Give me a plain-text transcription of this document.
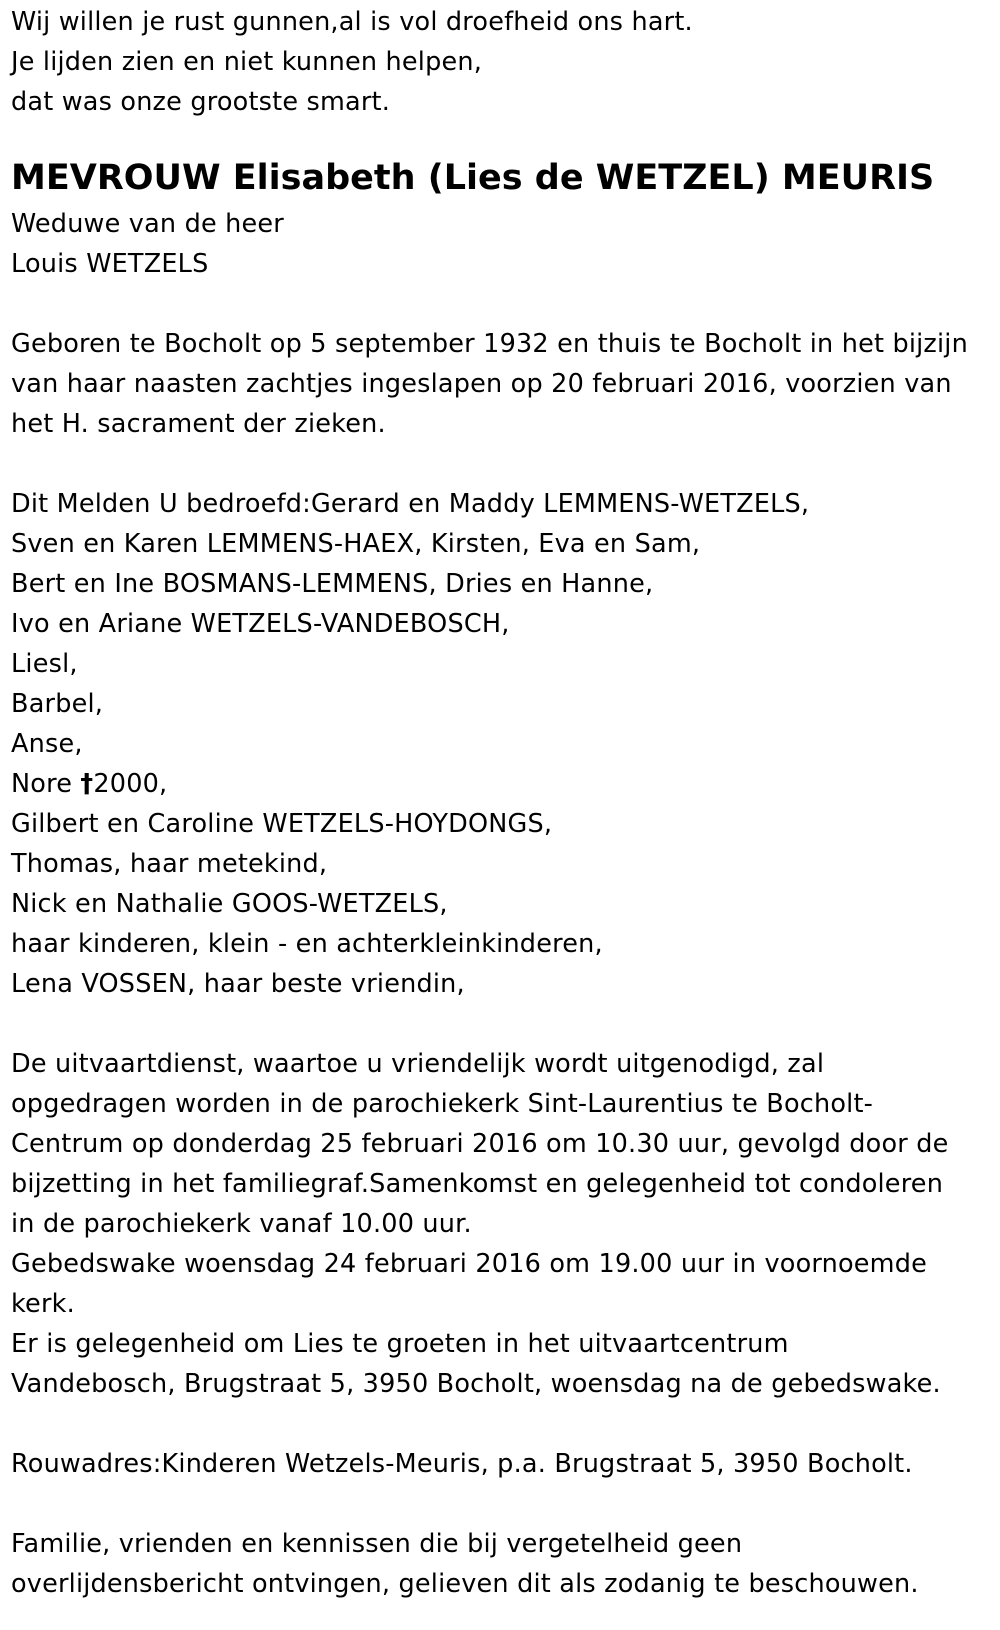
Wij willen je rust gunnen,al is vol droefheid ons hart.
Je lijden zien en niet kunnen helpen,
dat was onze grootste smart.
MEVROUW Elisabeth (Lies de WETZEL) MEURIS
Weduwe van de heer
Louis WETZELS
Geboren te Bocholt op 5 september 1932 en thuis te Bocholt in het bijzijn
van haar naasten zachtjes ingeslapen op 20 februari 2016, voorzien van
het H. sacrament der zieken.
Dit Melden U bedroefd:Gerard en Maddy LEMMENS-WETZELS,
Sven en Karen LEMMENS-HAEX, Kirsten, Eva en Sam,
Bert en Ine BOSMANS-LEMMENS, Dries en Hanne,
Ivo en Ariane WETZELS-VANDEBOSCH,
Liesl,
Barbel,
Anse,
Nore †2000,
Gilbert en Caroline WETZELS-HOYDONGS,
Thomas, haar metekind,
Nick en Nathalie GOOS-WETZELS,
haar kinderen, klein - en achterkleinkinderen,
Lena VOSSEN, haar beste vriendin,
De uitvaartdienst, waartoe u vriendelijk wordt uitgenodigd, zal
opgedragen worden in de parochiekerk Sint-Laurentius te Bocholt-
Centrum op donderdag 25 februari 2016 om 10.30 uur, gevolgd door de
bijzetting in het familiegraf.Samenkomst en gelegenheid tot condoleren
in de parochiekerk vanaf 10.00 uur.
Gebedswake woensdag 24 februari 2016 om 19.00 uur in voornoemde
kerk.
Er is gelegenheid om Lies te groeten in het uitvaartcentrum
Vandebosch, Brugstraat 5, 3950 Bocholt, woensdag na de gebedswake.
Rouwadres:Kinderen Wetzels-Meuris, p.a. Brugstraat 5, 3950 Bocholt.
Familie, vrienden en kennissen die bij vergetelheid geen
overlijdensbericht ontvingen, gelieven dit als zodanig te beschouwen.
